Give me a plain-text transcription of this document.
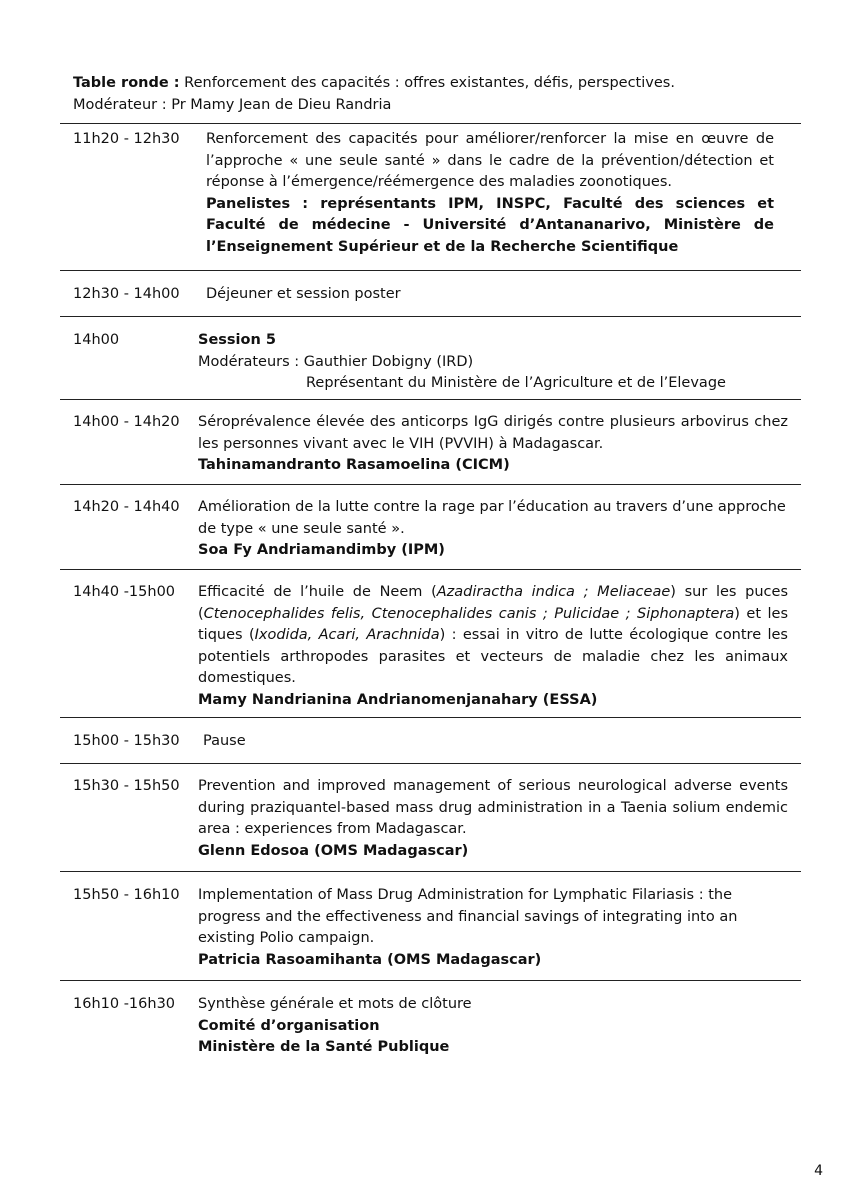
Table ronde : Renforcement des capacités : offres existantes, défis, perspectives.
Modérateur : Pr Mamy Jean de Dieu Randria
11h20 - 12h30 Renforcement des capacités pour améliorer/renforcer la mise en œuvre de l’approche « une seule santé » dans le cadre de la prévention/détection et réponse à l’émergence/réémergence des maladies zoonotiques.
Panelistes : représentants IPM, INSPC, Faculté des sciences et Faculté de médecine - Université d’Antananarivo, Ministère de l’Enseignement Supérieur et de la Recherche Scientifique
12h30 - 14h00 Déjeuner et session poster
14h00	Session 5
Modérateurs : Gauthier Dobigny (IRD)
Représentant du Ministère de l’Agriculture et de l’Elevage
14h00 - 14h20 Séroprévalence élevée des anticorps IgG dirigés contre plusieurs arbovirus chez les personnes vivant avec le VIH (PVVIH) à Madagascar.
Tahinamandranto Rasamoelina (CICM)
14h20 - 14h40 Amélioration de la lutte contre la rage par l’éducation au travers d’une approche de type « une seule santé ».
Soa Fy Andriamandimby (IPM)
14h40 -15h00 Efficacité de l’huile de Neem (Azadiractha indica ; Meliaceae) sur les puces (Ctenocephalides felis, Ctenocephalides canis ; Pulicidae ; Siphonaptera) et les tiques (Ixodida, Acari, Arachnida) : essai in vitro de lutte écologique contre les potentiels arthropodes parasites et vecteurs de maladie chez les animaux domestiques.
Mamy Nandrianina Andrianomenjanahary (ESSA)
15h00 - 15h30 Pause
15h30 - 15h50 Prevention and improved management of serious neurological adverse events during praziquantel-based mass drug administration in a Taenia solium endemic area : experiences from Madagascar.
Glenn Edosoa (OMS Madagascar)
15h50 - 16h10 Implementation of Mass Drug Administration for Lymphatic Filariasis : the progress and the effectiveness and financial savings of integrating into an existing Polio campaign.
Patricia Rasoamihanta (OMS Madagascar)
16h10 -16h30 Synthèse générale et mots de clôture
Comité d’organisation
Ministère de la Santé Publique
4
